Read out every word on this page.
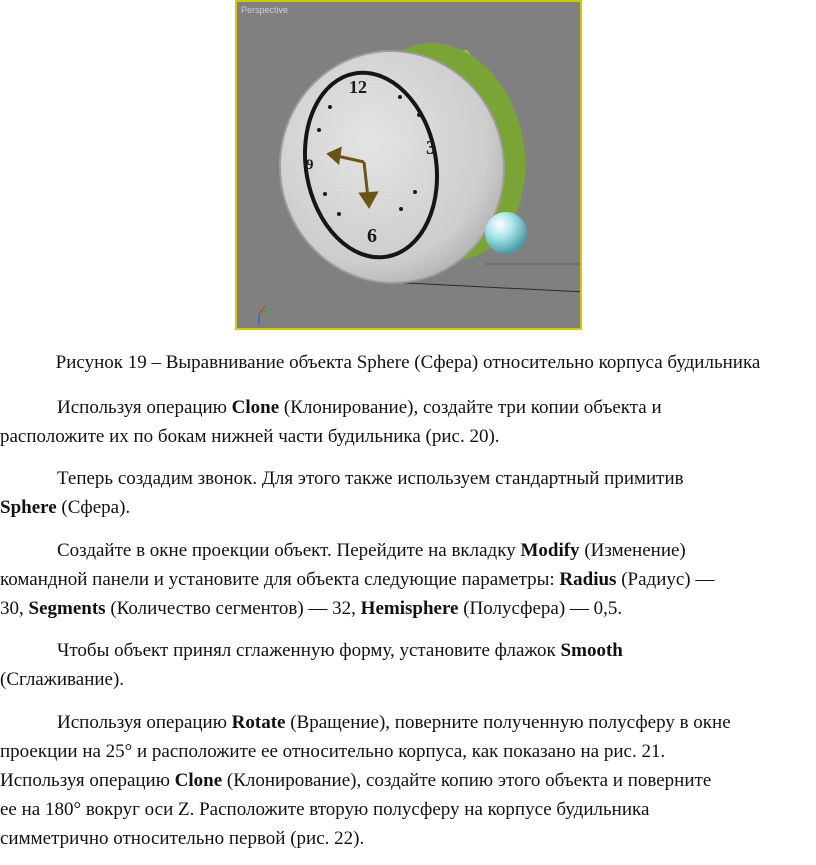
Perspective
12
3
6
9
Рисунок 19 – Выравнивание объекта Sphere (Сфера) относительно корпуса будильника

Используя операцию Clone (Клонирование), создайте три копии объекта и
расположите их по бокам нижней части будильника (рис. 20).

Теперь создадим звонок. Для этого также используем стандартный примитив
Sphere (Сфера).

Создайте в окне проекции объект. Перейдите на вкладку Modify (Изменение)
командной панели и установите для объекта следующие параметры: Radius (Радиус) —
30, Segments (Количество сегментов) — 32, Hemisphere (Полусфера) — 0,5.

Чтобы объект принял сглаженную форму, установите флажок Smooth
(Сглаживание).

Используя операцию Rotate (Вращение), поверните полученную полусферу в окне
проекции на 25° и расположите ее относительно корпуса, как показано на рис. 21.
Используя операцию Clone (Клонирование), создайте копию этого объекта и поверните
ее на 180° вокруг оси Z. Расположите вторую полусферу на корпусе будильника
симметрично относительно первой (рис. 22).
